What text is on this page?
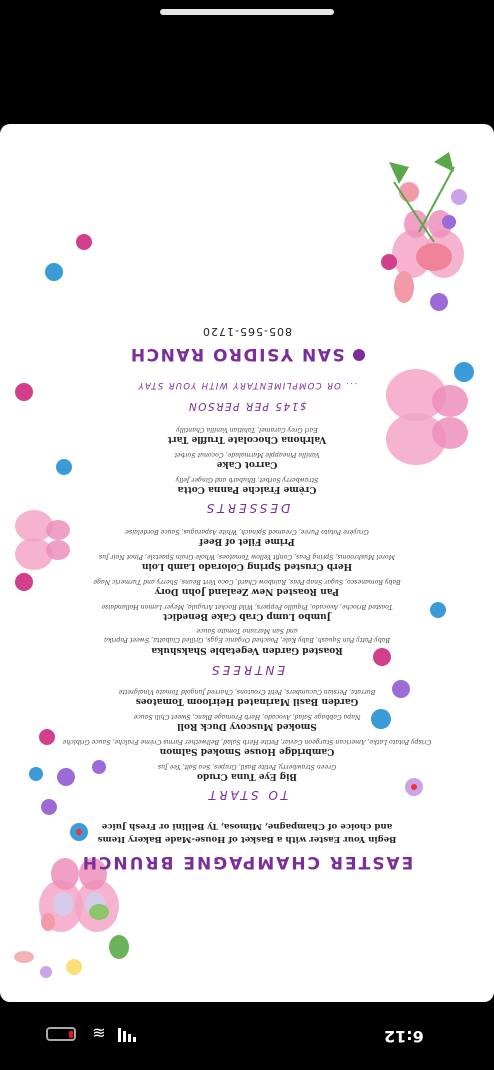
EASTER CHAMPAGNE BRUNCH
Begin Your Easter with a Basket of House-Made Bakery Items
and choice of Champagne, Mimosa, Ty Bellini or Fresh Juice
TO START
Big Eye Tuna Crudo
Green Strawberry, Petite Basil, Grapes, Sea Salt, Yee Jus
Cambridge House Smoked Salmon
Crispy Potato Latke, American Sturgeon Caviar, Petite Herb Salad, Bellwether Farms Crème Fraîche, Sauce Gribiche
Smoked Muscovy Duck Roll
Napa Cabbage Salad, Avocado, Herb Fromage Blanc, Sweet Chili Sauce
Garden Basil Marinated Heirloom Tomatoes
Burrata, Persian Cucumbers, Petit Croutons, Charred Jungold Tomato Vinaigrette
ENTREES
Roasted Garden Vegetable Shakshuka
Baby Patty Pan Squash, Baby Kale, Poached Organic Eggs, Grilled Ciabatta, Sweet Paprika and San Marzano Tomato Sauce
Jumbo Lump Crab Cake Benedict
Toasted Brioche, Avocado, Piquillo Peppers, Wild Rocket Arugula, Meyer Lemon Hollandaise
Pan Roasted New Zealand John Dory
Baby Romanesco, Sugar Snap Peas, Rainbow Chard, Coco Vert Beans, Sherry and Turmeric Nage
Herb Crusted Spring Colorado Lamb Loin
Morel Mushrooms, Spring Peas, Confit Yellow Tomatoes, Whole Grain Spaetzle, Pinot Noir Jus
Prime Filet of Beef
Gruyère Potato Puree, Creamed Spinach, White Asparagus, Sauce Bordelaise
DESSERTS
Crème Fraiche Panna Cotta
Strawberry Sorbet, Rhubarb and Ginger Jelly
Carrot Cake
Vanilla Pineapple Marmalade, Coconut Sorbet
Valrhona Chocolate Truffle Tart
Earl Grey Caramel, Tahitian Vanilla Chantilly
$145 PER PERSON
... OR COMPLIMENTARY WITH YOUR STAY
SAN YSIDRO RANCH
805-565-1720
6:12
≋
